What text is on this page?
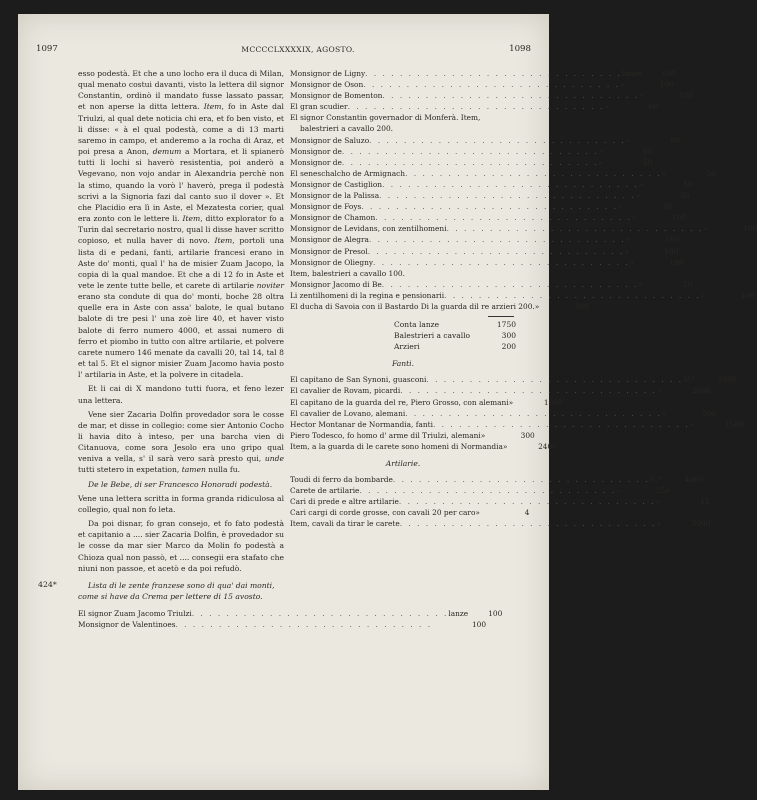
1097	MCCCCLXXXXIX, AGOSTO.	1098

esso podestà. Et che a uno locho era il duca di Milan, qual menato costui davanti, visto la lettera dil signor Constantin, ordinò il mandato fusse lassato passar, et non aperse la ditta lettera. Item, fo in Aste dal Triulzi, al qual dete noticia chi era, et fo ben visto, et li disse: « à el qual podestà, come a di 13 marti saremo in campo, et anderemo a la rocha di Araz, et poi presa a Anon, demum a Mortara, et li spianerò tutti li lochi si haverò resistentia, poi anderò a Vegevano, non vojo andar in Alexandria perchè non la stimo, quando la vorò l' haverò, prega il podestà scrivi a la Signoria fazi dal canto suo il dover ». Et che Placidio era lì in Aste, el Mezatesta corier, qual era zonto con le lettere li. Item, ditto explorator fo a Turin dal secretario nostro, qual li disse haver scritto copioso, et nulla haver di novo. Item, portoli una lista di e pedani, fanti, artilarie francesi erano in Aste do' monti, qual l' ha de misier Zuam Jacopo, la copia di la qual mandoe. Et che a di 12 fo in Aste et vete le zente tutte belle, et carete di artilarie noviter erano sta condute di qua do' monti, boche 28 oltra quelle era in Aste con assa' balote, le qual butano balote di tre pesi l' una zoè lire 40, et haver visto balote di ferro numero 4000, et assai numero di ferro et piombo in tutto con altre artilarie, et polvere carete numero 146 menate da cavalli 20, tal 14, tal 8 et tal 5. Et el signor misier Zuam Jacomo havia posto l' artilaria in Aste, et la polvere in citadela.

Et li cai di X mandono tutti fuora, et feno lezer una lettera.

Vene sier Zacaria Dolfin provedador sora le cosse de mar, et disse in collegio: come sier Antonio Cocho li havia dito à inteso, per una barcha vien di Citanuova, come sora Jesolo era uno gripo qual veniva a vella, s' il sarà vero sarà presto qui, unde tutti stetero in expetation, tamen nulla fu.

De le Bebe, di ser Francesco Honoradi podestà.

Vene una lettera scritta in forma granda ridiculosa al collegio, qual non fo leta.

Da poi disnar, fo gran consejo, et fo fato podestà et capitanio a .... sier Zacaria Dolfin, è provedador su le cosse da mar sier Marco da Molin fo podestà a Chioza qual non passò, et .... consegii era stafato che niuni non passoe, et acetò e da poi refudò.

Lista di le zente franzese sono di qua' dai monti, come si have da Crema per lettere di 15 avosto.

El signor Zuam Jacomo Triulzi . . . . . . . . . . . . . . . . . . . . . . . . . . . . . . lanze	100
Monsignor de Valentinoes . . . . . . . . . . . . . . . . . . . . . . . . . . . . . .	100
424*
Monsignor de Ligny . . . . . . . . . . . . . . . . . . . . . . . . . . . . . . lanze	100
Monsignor de Oson . . . . . . . . . . . . . . . . . . . . . . . . . . . . . . »	100
Monsignor de Bomenton . . . . . . . . . . . . . . . . . . . . . . . . . . . . . . »	100
El gran scudier . . . . . . . . . . . . . . . . . . . . . . . . . . . . . . »	60
El signor Constantin governador di Monferà. Item, balestrieri a cavallo 200.
Monsignor de Saluzo . . . . . . . . . . . . . . . . . . . . . . . . . . . . . . »	80
Monsignor de . . . . . . . . . . . . . . . . . . . . . . . . . . . . . . »	60
Monsignor de . . . . . . . . . . . . . . . . . . . . . . . . . . . . . . »	50
El seneschalcho de Armignach . . . . . . . . . . . . . . . . . . . . . . . . . . . . . . »	50
Monsignor de Castiglion . . . . . . . . . . . . . . . . . . . . . . . . . . . . . . »	50
Monsignor de la Palissa . . . . . . . . . . . . . . . . . . . . . . . . . . . . . . »	50
Monsignor de Foys . . . . . . . . . . . . . . . . . . . . . . . . . . . . . . »	70
Monsignor de Chamon . . . . . . . . . . . . . . . . . . . . . . . . . . . . . . »	100
Monsignor de Levidans, con zentilhomeni . . . . . . . . . . . . . . . . . . . . . . . . . . . . . . »	100
Monsignor de Alegra . . . . . . . . . . . . . . . . . . . . . . . . . . . . . . »	100
Monsignor de Presol . . . . . . . . . . . . . . . . . . . . . . . . . . . . . . »	100
Monsignor de Oliegny . . . . . . . . . . . . . . . . . . . . . . . . . . . . . . »	100
Item, balestrieri a cavallo 100.
Monsignor Jacomo di Be . . . . . . . . . . . . . . . . . . . . . . . . . . . . . . »	50
Li zentilhomeni di la regina e pensionarii . . . . . . . . . . . . . . . . . . . . . . . . . . . . . . »	100
El ducha di Savoia con il Bastardo Di la guarda dil re arzieri 200. »	200
Conta lanze	1750
Balestrieri a cavallo	300
Arzieri	200
Fanti.
El capitano de San Synoni, guasconi . . . . . . . . . . . . . . . . . . . . . . . . . . . . . . N.°	2000
El cavalier de Rovam, picardi . . . . . . . . . . . . . . . . . . . . . . . . . . . . . . »	2000
El capitano de la guarda del re, Piero Grosso, con alemani »	1000
El cavalier de Lovano, alemani . . . . . . . . . . . . . . . . . . . . . . . . . . . . . . »	500
Hector Montanar de Normandia, fanti . . . . . . . . . . . . . . . . . . . . . . . . . . . . . . »	1500
Piero Todesco, fo homo d' arme dil Triulzi, alemani »	300
Item, a la guarda di le carete sono homeni di Normandia »	2400
Artilarie.
Toudi di ferro da bombarde . . . . . . . . . . . . . . . . . . . . . . . . . . . . . . N.°	4000
Carete de artilarie . . . . . . . . . . . . . . . . . . . . . . . . . . . . . . »	250
Cari di prede e altre artilarie . . . . . . . . . . . . . . . . . . . . . . . . . . . . . . »	12
Cari cargi di corde grosse, con cavali 20 per caro »	4
Item, cavali da tirar le carete . . . . . . . . . . . . . . . . . . . . . . . . . . . . . . »	3000
